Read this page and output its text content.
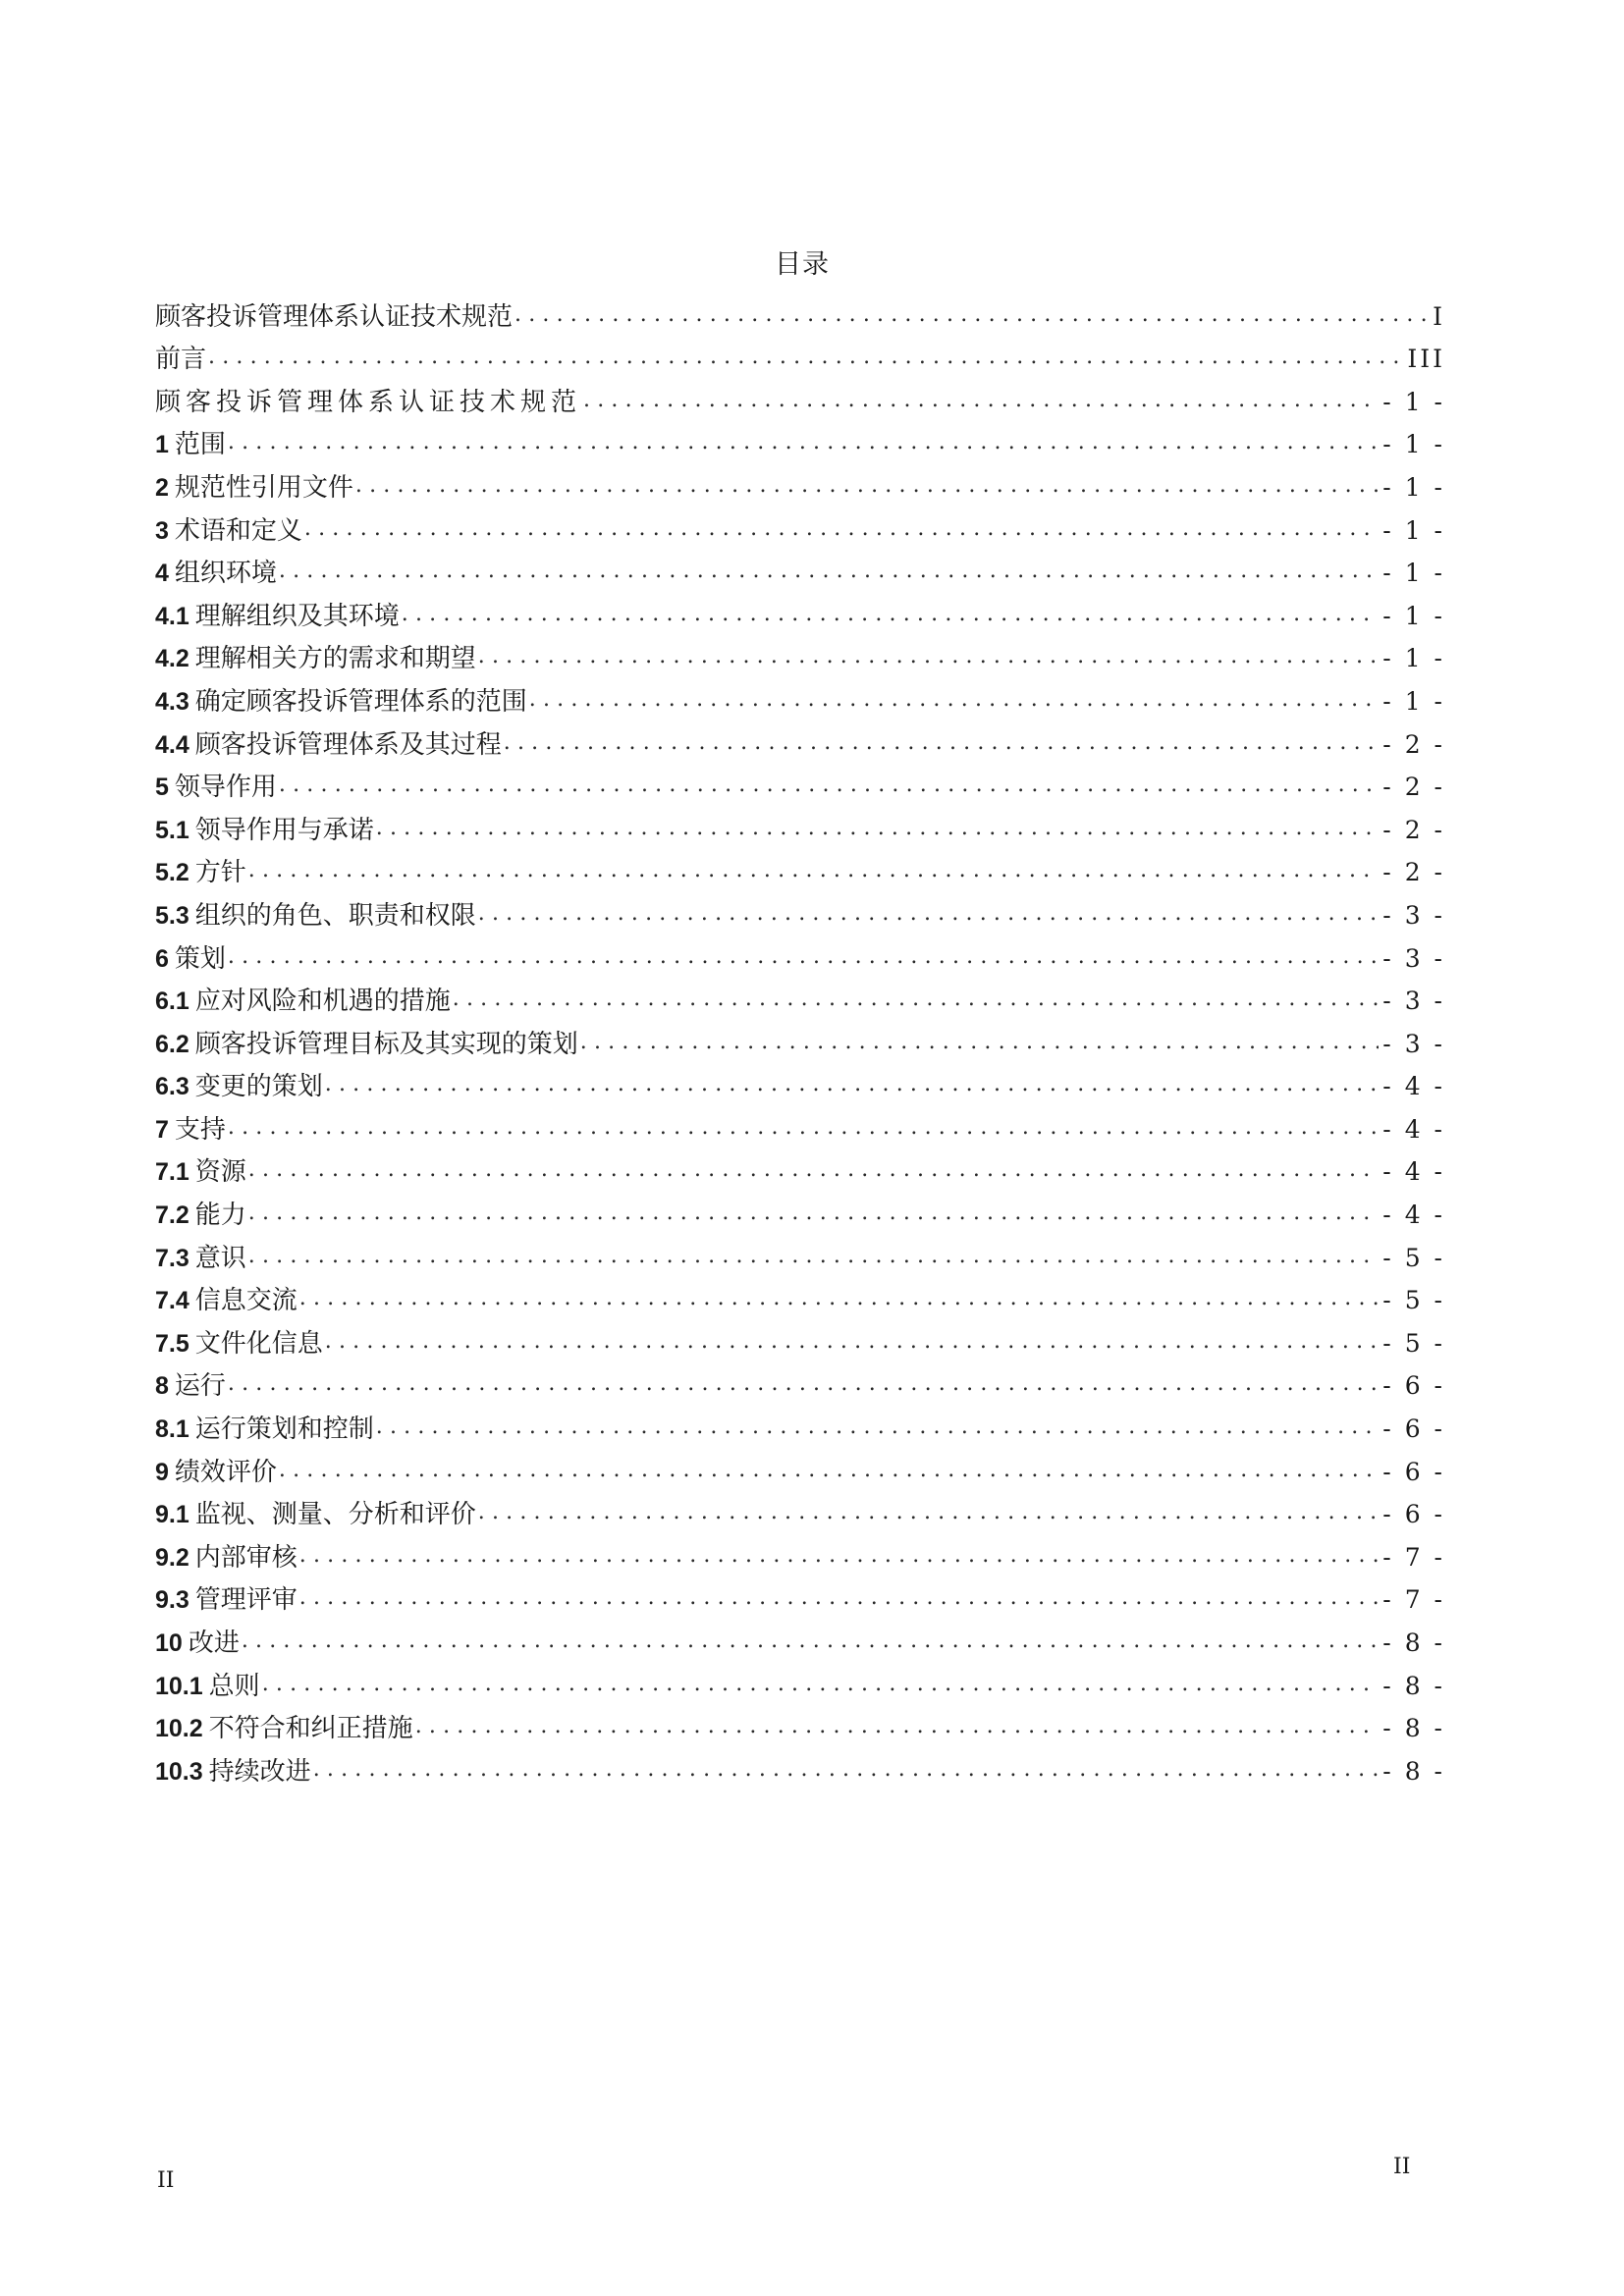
目录
顾客投诉管理体系认证技术规范 .....	I
前言 .....	III
顾客投诉管理体系认证技术规范 .....	- 1 -
1 范围 .....	- 1 -
2 规范性引用文件 .....	- 1 -
3 术语和定义 .....	- 1 -
4 组织环境 .....	- 1 -
4.1 理解组织及其环境 .....	- 1 -
4.2 理解相关方的需求和期望 .....	- 1 -
4.3 确定顾客投诉管理体系的范围 .....	- 1 -
4.4 顾客投诉管理体系及其过程 .....	- 2 -
5 领导作用 .....	- 2 -
5.1 领导作用与承诺 .....	- 2 -
5.2 方针 .....	- 2 -
5.3 组织的角色、职责和权限 .....	- 3 -
6 策划 .....	- 3 -
6.1 应对风险和机遇的措施 .....	- 3 -
6.2 顾客投诉管理目标及其实现的策划 .....	- 3 -
6.3 变更的策划 .....	- 4 -
7 支持 .....	- 4 -
7.1 资源 .....	- 4 -
7.2 能力 .....	- 4 -
7.3 意识 .....	- 5 -
7.4 信息交流 .....	- 5 -
7.5 文件化信息 .....	- 5 -
8 运行 .....	- 6 -
8.1 运行策划和控制 .....	- 6 -
9 绩效评价 .....	- 6 -
9.1 监视、测量、分析和评价 .....	- 6 -
9.2 内部审核 .....	- 7 -
9.3 管理评审 .....	- 7 -
10 改进 .....	- 8 -
10.1 总则 .....	- 8 -
10.2 不符合和纠正措施 .....	- 8 -
10.3 持续改进 .....	- 8 -
II
II
